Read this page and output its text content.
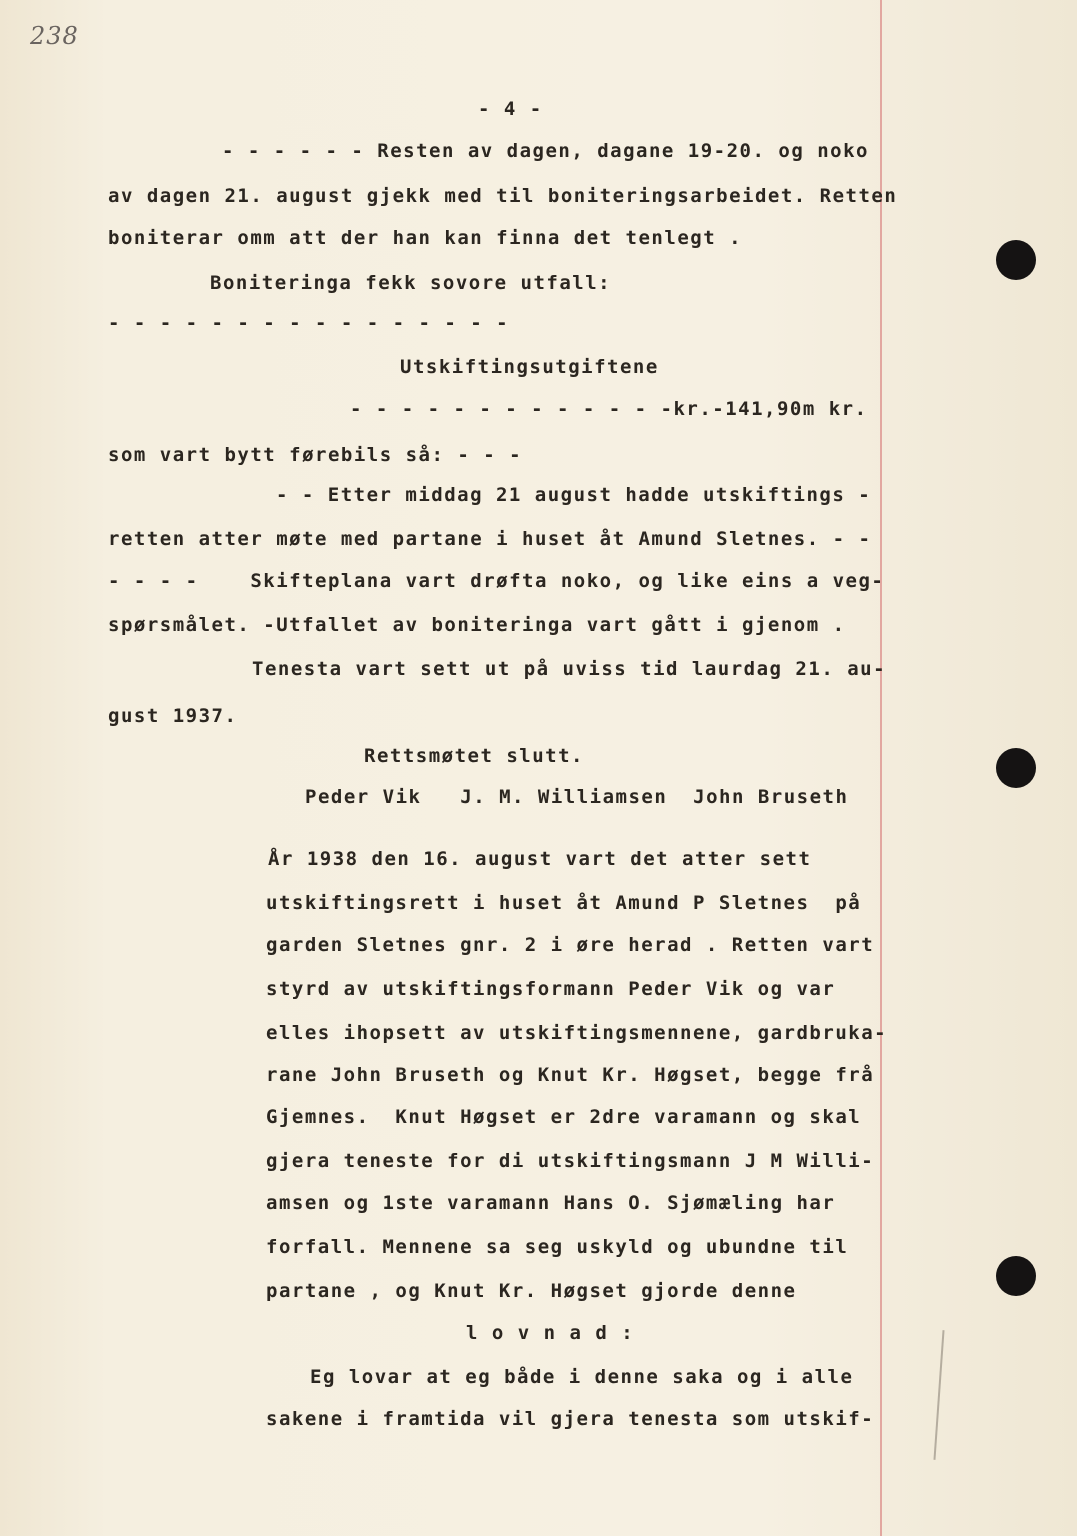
238
- 4 -
- - - - - - Resten av dagen, dagane 19-20. og noko
av dagen 21. august gjekk med til boniteringsarbeidet. Retten
boniterar omm att der han kan finna det tenlegt .
Boniteringa fekk sovore utfall:
- - - - - - - - - - - - - - - -
Utskiftingsutgiftene
- - - - - - - - - - - - -kr.-141,90m kr.
som vart bytt førebils så: - - -
- - Etter middag 21 august hadde utskiftings -
retten atter møte med partane i huset åt Amund Sletnes. - -
- - - -    Skifteplana vart drøfta noko, og like eins a veg-
spørsmålet. -Utfallet av boniteringa vart gått i gjenom .
Tenesta vart sett ut på uviss tid laurdag 21. au-
gust 1937.
Rettsmøtet slutt.
Peder Vik   J. M. Williamsen  John Bruseth
År 1938 den 16. august vart det atter sett
utskiftingsrett i huset åt Amund P Sletnes  på
garden Sletnes gnr. 2 i øre herad . Retten vart
styrd av utskiftingsformann Peder Vik og var
elles ihopsett av utskiftingsmennene, gardbruka-
rane John Bruseth og Knut Kr. Høgset, begge frå
Gjemnes.  Knut Høgset er 2dre varamann og skal
gjera teneste for di utskiftingsmann J M Willi-
amsen og 1ste varamann Hans O. Sjømæling har
forfall. Mennene sa seg uskyld og ubundne til
partane , og Knut Kr. Høgset gjorde denne
l o v n a d :
Eg lovar at eg både i denne saka og i alle
sakene i framtida vil gjera tenesta som utskif-
